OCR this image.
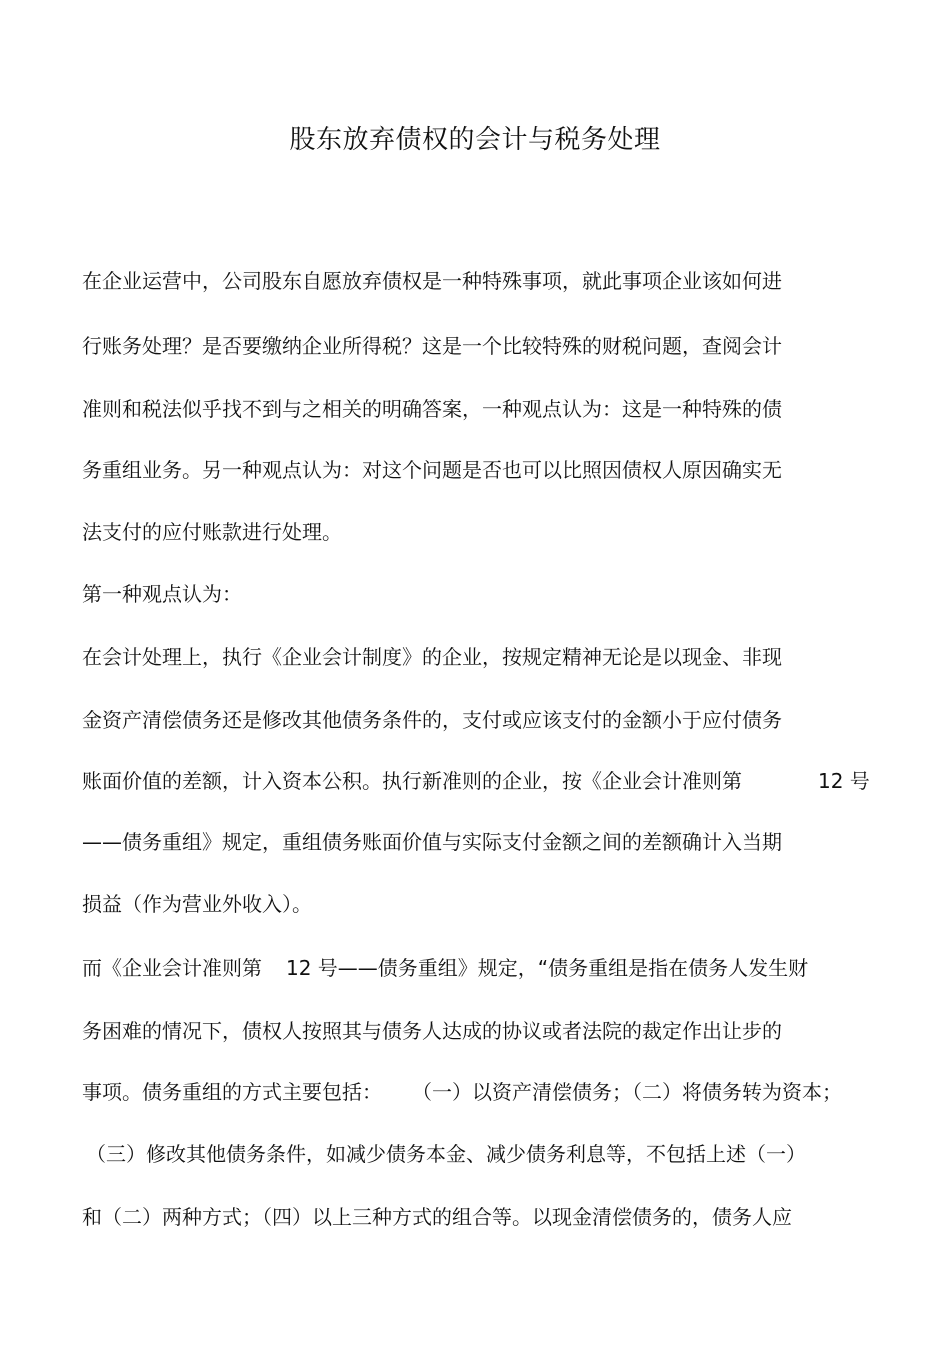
股东放弃债权的会计与税务处理
在企业运营中，公司股东自愿放弃债权是一种特殊事项，就此事项企业该如何进
行账务处理？是否要缴纳企业所得税？这是一个比较特殊的财税问题，查阅会计
准则和税法似乎找不到与之相关的明确答案，一种观点认为：这是一种特殊的债
务重组业务。另一种观点认为：对这个问题是否也可以比照因债权人原因确实无
法支付的应付账款进行处理。
第一种观点认为：
在会计处理上，执行《企业会计制度》的企业，按规定精神无论是以现金、非现
金资产清偿债务还是修改其他债务条件的，支付或应该支付的金额小于应付债务
账面价值的差额，计入资本公积。执行新准则的企业，按《企业会计准则第	12 号
——债务重组》规定，重组债务账面价值与实际支付金额之间的差额确计入当期
损益（作为营业外收入）。
而《企业会计准则第 12 号——债务重组》规定，“债务重组是指在债务人发生财
务困难的情况下，债权人按照其与债务人达成的协议或者法院的裁定作出让步的
事项。债务重组的方式主要包括： （一）以资产清偿债务；（二）将债务转为资本；
（三）修改其他债务条件，如减少债务本金、减少债务利息等，不包括上述（一）
和（二）两种方式；（四）以上三种方式的组合等。以现金清偿债务的，债务人应
